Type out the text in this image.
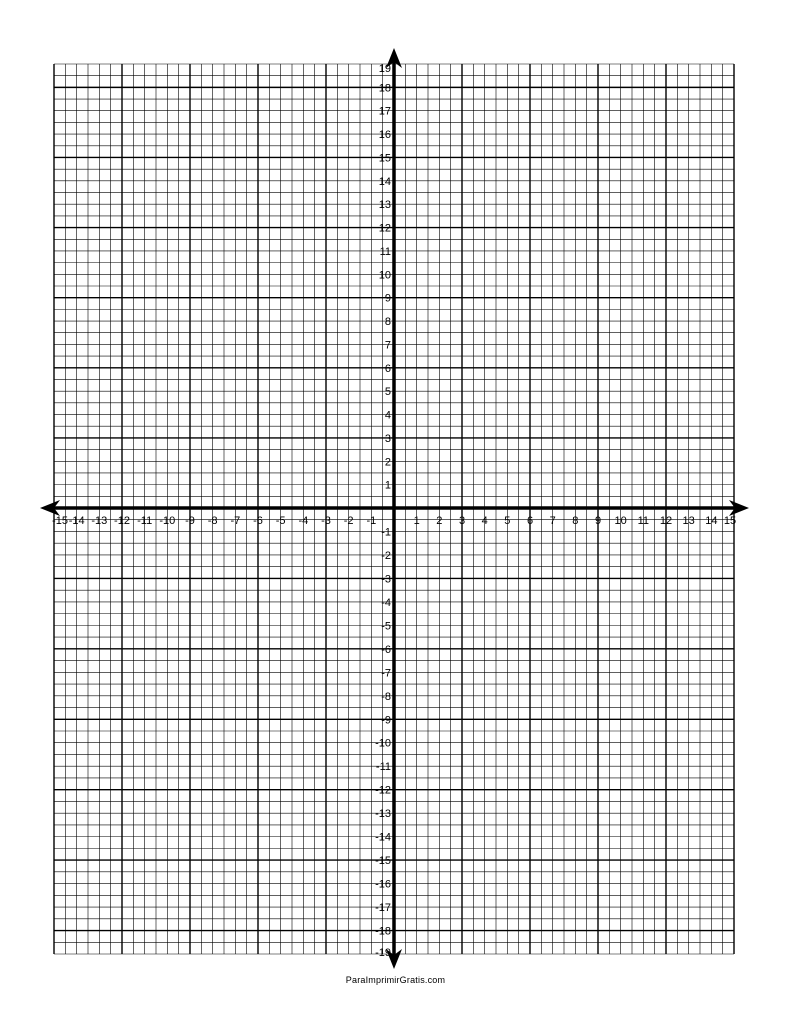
-15 -14 -13 -12 -11 -10 -9 -8 -7 -6 -5 -4 -3 -2 -1	1 2 3 4 5 6 7 8 9 10 11 12 13 14 15
19
18
17
16
15
14
13
12
11
10
9
8
7
6
5
4
3
2
1
-1
-2
-3
-4
-5
-6
-7
-8
-9
-10
-11
-12
-13
-14
-15
-16
-17
-18
-19
ParaImprimirGratis.com
